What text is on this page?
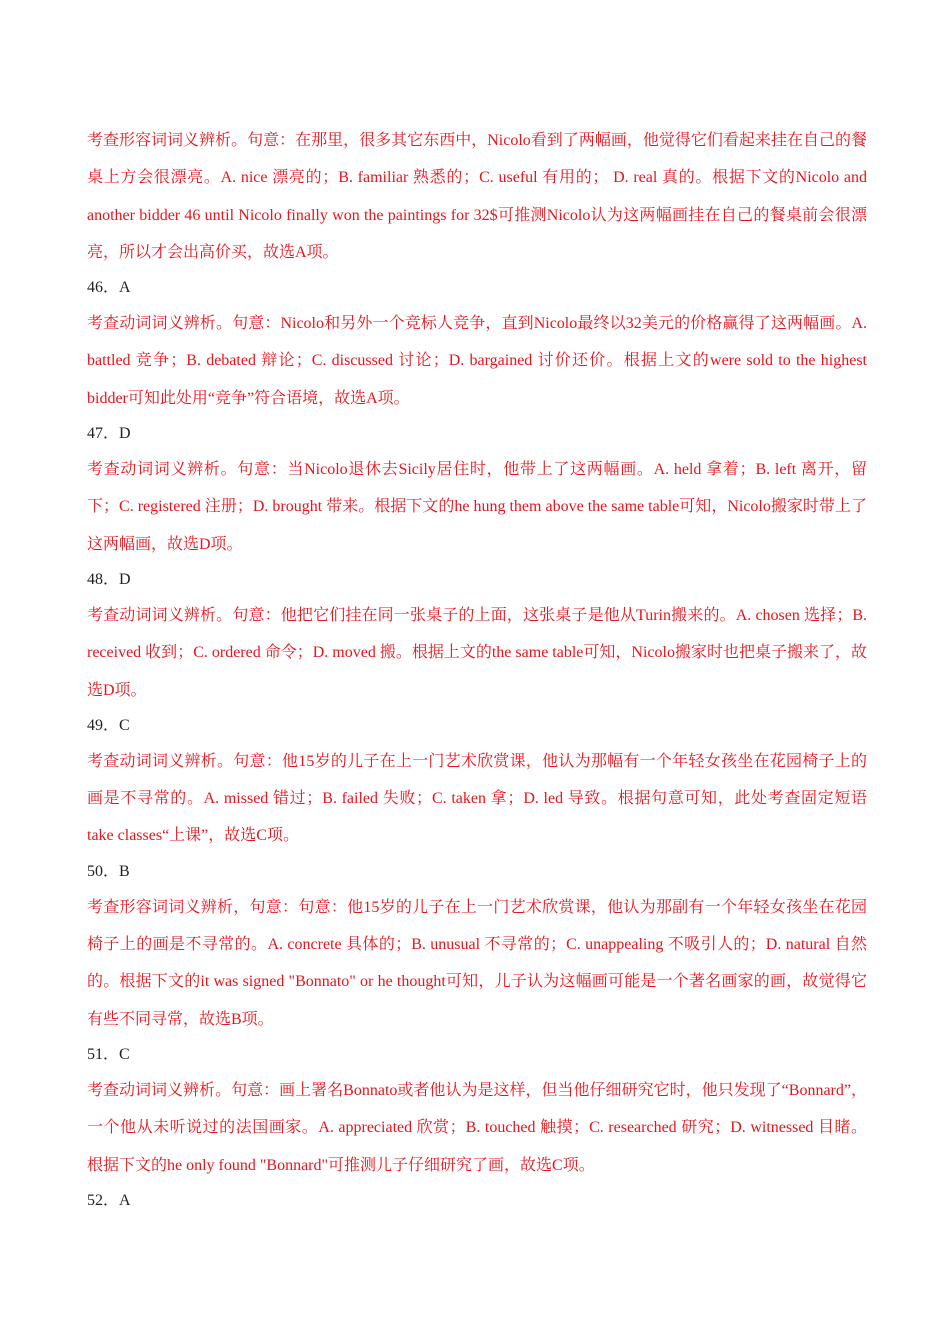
考查形容词词义辨析。句意：在那里，很多其它东西中，Nicolo看到了两幅画，他觉得它们看起来挂在自己的餐桌上方会很漂亮。A. nice 漂亮的；B. familiar 熟悉的；C. useful 有用的； D. real 真的。根据下文的Nicolo and another bidder 46 until Nicolo finally won the paintings for 32$可推测Nicolo认为这两幅画挂在自己的餐桌前会很漂亮，所以才会出高价买，故选A项。

46．A

考查动词词义辨析。句意：Nicolo和另外一个竞标人竞争，直到Nicolo最终以32美元的价格赢得了这两幅画。A. battled 竞争；B. debated 辩论；C. discussed 讨论；D. bargained 讨价还价。根据上文的were sold to the highest bidder可知此处用“竞争”符合语境，故选A项。

47．D

考查动词词义辨析。句意：当Nicolo退休去Sicily居住时，他带上了这两幅画。A. held 拿着；B. left 离开，留下；C. registered 注册；D. brought 带来。根据下文的he hung them above the same table可知，Nicolo搬家时带上了这两幅画，故选D项。

48．D

考查动词词义辨析。句意：他把它们挂在同一张桌子的上面，这张桌子是他从Turin搬来的。A. chosen 选择；B. received 收到；C. ordered 命令；D. moved 搬。根据上文的the same table可知，Nicolo搬家时也把桌子搬来了，故选D项。

49．C

考查动词词义辨析。句意：他15岁的儿子在上一门艺术欣赏课，他认为那幅有一个年轻女孩坐在花园椅子上的画是不寻常的。A. missed 错过；B. failed 失败；C. taken 拿；D. led 导致。根据句意可知，此处考查固定短语take classes“上课”，故选C项。

50．B

考查形容词词义辨析，句意：句意：他15岁的儿子在上一门艺术欣赏课，他认为那副有一个年轻女孩坐在花园椅子上的画是不寻常的。A. concrete 具体的；B. unusual 不寻常的；C. unappealing 不吸引人的；D. natural 自然的。根据下文的it was signed "Bonnato" or he thought可知，儿子认为这幅画可能是一个著名画家的画，故觉得它有些不同寻常，故选B项。

51．C

考查动词词义辨析。句意：画上署名Bonnato或者他认为是这样，但当他仔细研究它时，他只发现了“Bonnard”，一个他从未听说过的法国画家。A. appreciated 欣赏；B. touched 触摸；C. researched 研究；D. witnessed 目睹。根据下文的he only found "Bonnard"可推测儿子仔细研究了画，故选C项。

52．A
